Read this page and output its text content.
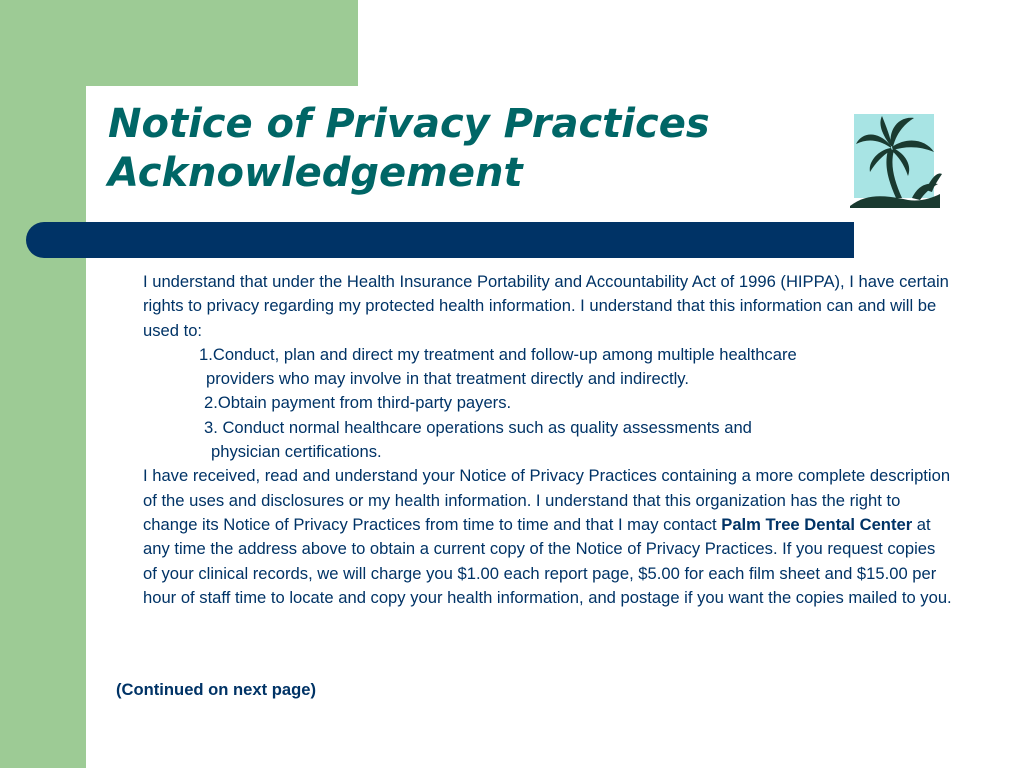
Notice of Privacy Practices
Acknowledgement

I understand that under the Health Insurance Portability and Accountability Act of 1996 (HIPPA), I have certain rights to privacy regarding my protected health information. I understand that this information can and will be used to:

1.Conduct, plan and direct my treatment and follow-up among multiple healthcare
providers who may involve in that treatment directly and indirectly.

2.Obtain payment from third-party payers.

3. Conduct normal healthcare operations such as quality assessments and
physician certifications.

I have received, read and understand your Notice of Privacy Practices containing a more complete description of the uses and disclosures or my health information. I understand that this organization has the right to change its Notice of Privacy Practices from time to time and that I may contact Palm Tree Dental Center at any time the address above to obtain a current copy of the Notice of Privacy Practices. If you request copies of your clinical records, we will charge you $1.00 each report page, $5.00 for each film sheet and $15.00 per hour of staff time to locate and copy your health information, and postage if you want the copies mailed to you.

(Continued on next page)
